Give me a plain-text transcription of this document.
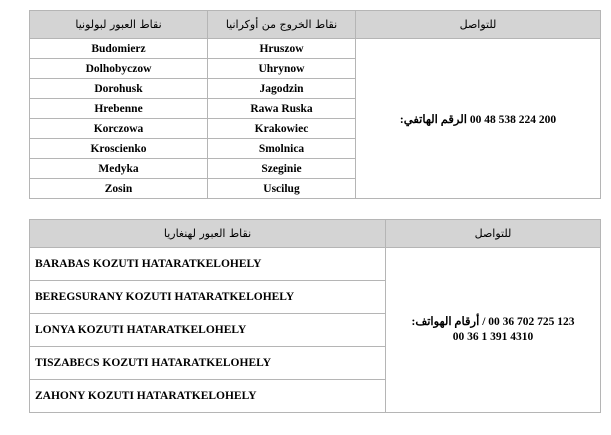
نقاط العبور لبولونيا	نقاط الخروج من أوكرانيا	للتواصل
Budomierz	Hruszow	الرقم الهاتفي: 00 48 538 224 200
Dolhobyczow	Uhrynow	
Dorohusk	Jagodzin	
Hrebenne	Rawa Ruska	
Korczowa	Krakowiec	
Kroscienko	Smolnica	
Medyka	Szeginie	
Zosin	Uscilug	
نقاط العبور لهنغاريا	للتواصل
BARABAS KOZUTI HATARATKELOHELY	أرقام الهواتف: / 00 36 702 725 123
00 36 1 391 4310

BEREGSURANY KOZUTI HATARATKELOHELY	
LONYA KOZUTI HATARATKELOHELY	
TISZABECS KOZUTI HATARATKELOHELY	
ZAHONY KOZUTI HATARATKELOHELY	
